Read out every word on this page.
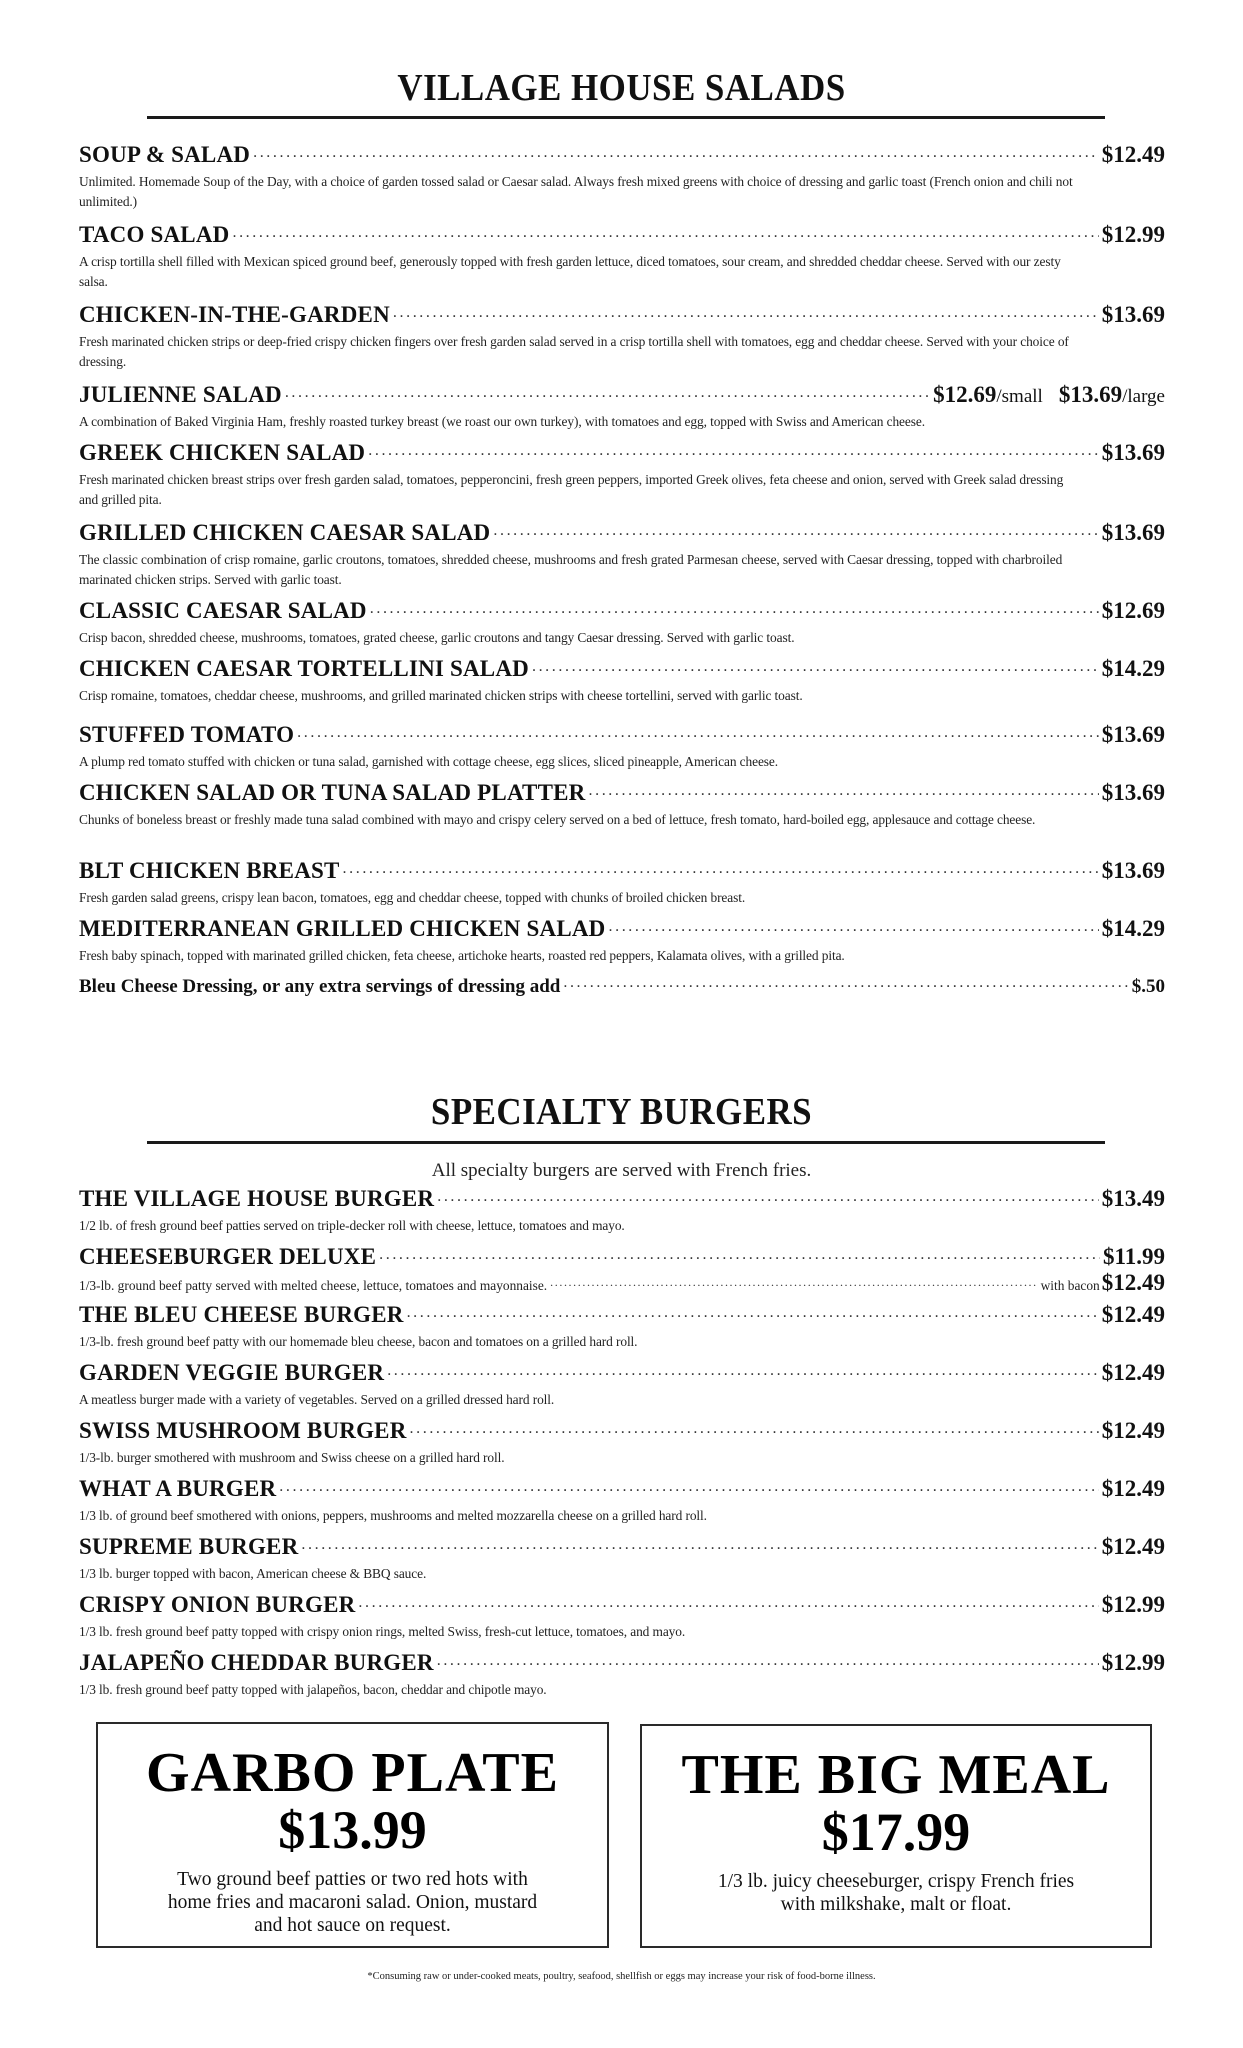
VILLAGE HOUSE SALADS
SOUP & SALAD . . .	$12.49
Unlimited. Homemade Soup of the Day, with a choice of garden tossed salad or Caesar salad. Always fresh mixed greens with choice of dressing and garlic toast (French onion and chili not unlimited.)
TACO SALAD . . .	$12.99
A crisp tortilla shell filled with Mexican spiced ground beef, generously topped with fresh garden lettuce, diced tomatoes, sour cream, and shredded cheddar cheese. Served with our zesty salsa.
CHICKEN-IN-THE-GARDEN . . .	$13.69
Fresh marinated chicken strips or deep-fried crispy chicken fingers over fresh garden salad served in a crisp tortilla shell with tomatoes, egg and cheddar cheese. Served with your choice of dressing.
JULIENNE SALAD . . .	$12.69/small $13.69/large
A combination of Baked Virginia Ham, freshly roasted turkey breast (we roast our own turkey), with tomatoes and egg, topped with Swiss and American cheese.
GREEK CHICKEN SALAD . . .	$13.69
Fresh marinated chicken breast strips over fresh garden salad, tomatoes, pepperoncini, fresh green peppers, imported Greek olives, feta cheese and onion, served with Greek salad dressing and grilled pita.
GRILLED CHICKEN CAESAR SALAD . . .	$13.69
The classic combination of crisp romaine, garlic croutons, tomatoes, shredded cheese, mushrooms and fresh grated Parmesan cheese, served with Caesar dressing, topped with charbroiled marinated chicken strips. Served with garlic toast.
CLASSIC CAESAR SALAD . . .	$12.69
Crisp bacon, shredded cheese, mushrooms, tomatoes, grated cheese, garlic croutons and tangy Caesar dressing. Served with garlic toast.
CHICKEN CAESAR TORTELLINI SALAD . . .	$14.29
Crisp romaine, tomatoes, cheddar cheese, mushrooms, and grilled marinated chicken strips with cheese tortellini, served with garlic toast.
STUFFED TOMATO . . .	$13.69
A plump red tomato stuffed with chicken or tuna salad, garnished with cottage cheese, egg slices, sliced pineapple, American cheese.
CHICKEN SALAD OR TUNA SALAD PLATTER . . .	$13.69
Chunks of boneless breast or freshly made tuna salad combined with mayo and crispy celery served on a bed of lettuce, fresh tomato, hard-boiled egg, applesauce and cottage cheese.
BLT CHICKEN BREAST . . .	$13.69
Fresh garden salad greens, crispy lean bacon, tomatoes, egg and cheddar cheese, topped with chunks of broiled chicken breast.
MEDITERRANEAN GRILLED CHICKEN SALAD . . .	$14.29
Fresh baby spinach, topped with marinated grilled chicken, feta cheese, artichoke hearts, roasted red peppers, Kalamata olives, with a grilled pita.
Bleu Cheese Dressing, or any extra servings of dressing add . . .	$.50
SPECIALTY BURGERS
All specialty burgers are served with French fries.
THE VILLAGE HOUSE BURGER . . .	$13.49
1/2 lb. of fresh ground beef patties served on triple-decker roll with cheese, lettuce, tomatoes and mayo.
CHEESEBURGER DELUXE . . .	$11.99
1/3-lb. ground beef patty served with melted cheese, lettuce, tomatoes and mayonnaise. . . .	with bacon $12.49
THE BLEU CHEESE BURGER . . .	$12.49
1/3-lb. fresh ground beef patty with our homemade bleu cheese, bacon and tomatoes on a grilled hard roll.
GARDEN VEGGIE BURGER . . .	$12.49
A meatless burger made with a variety of vegetables. Served on a grilled dressed hard roll.
SWISS MUSHROOM BURGER . . .	$12.49
1/3-lb. burger smothered with mushroom and Swiss cheese on a grilled hard roll.
WHAT A BURGER . . .	$12.49
1/3 lb. of ground beef smothered with onions, peppers, mushrooms and melted mozzarella cheese on a grilled hard roll.
SUPREME BURGER . . .	$12.49
1/3 lb. burger topped with bacon, American cheese & BBQ sauce.
CRISPY ONION BURGER . . .	$12.99
1/3 lb. fresh ground beef patty topped with crispy onion rings, melted Swiss, fresh-cut lettuce, tomatoes, and mayo.
JALAPEÑO CHEDDAR BURGER . . .	$12.99
1/3 lb. fresh ground beef patty topped with jalapeños, bacon, cheddar and chipotle mayo.
GARBO PLATE
$13.99
Two ground beef patties or two red hots with home fries and macaroni salad. Onion, mustard and hot sauce on request.
THE BIG MEAL
$17.99
1/3 lb. juicy cheeseburger, crispy French fries with milkshake, malt or float.
*Consuming raw or under-cooked meats, poultry, seafood, shellfish or eggs may increase your risk of food-borne illness.
